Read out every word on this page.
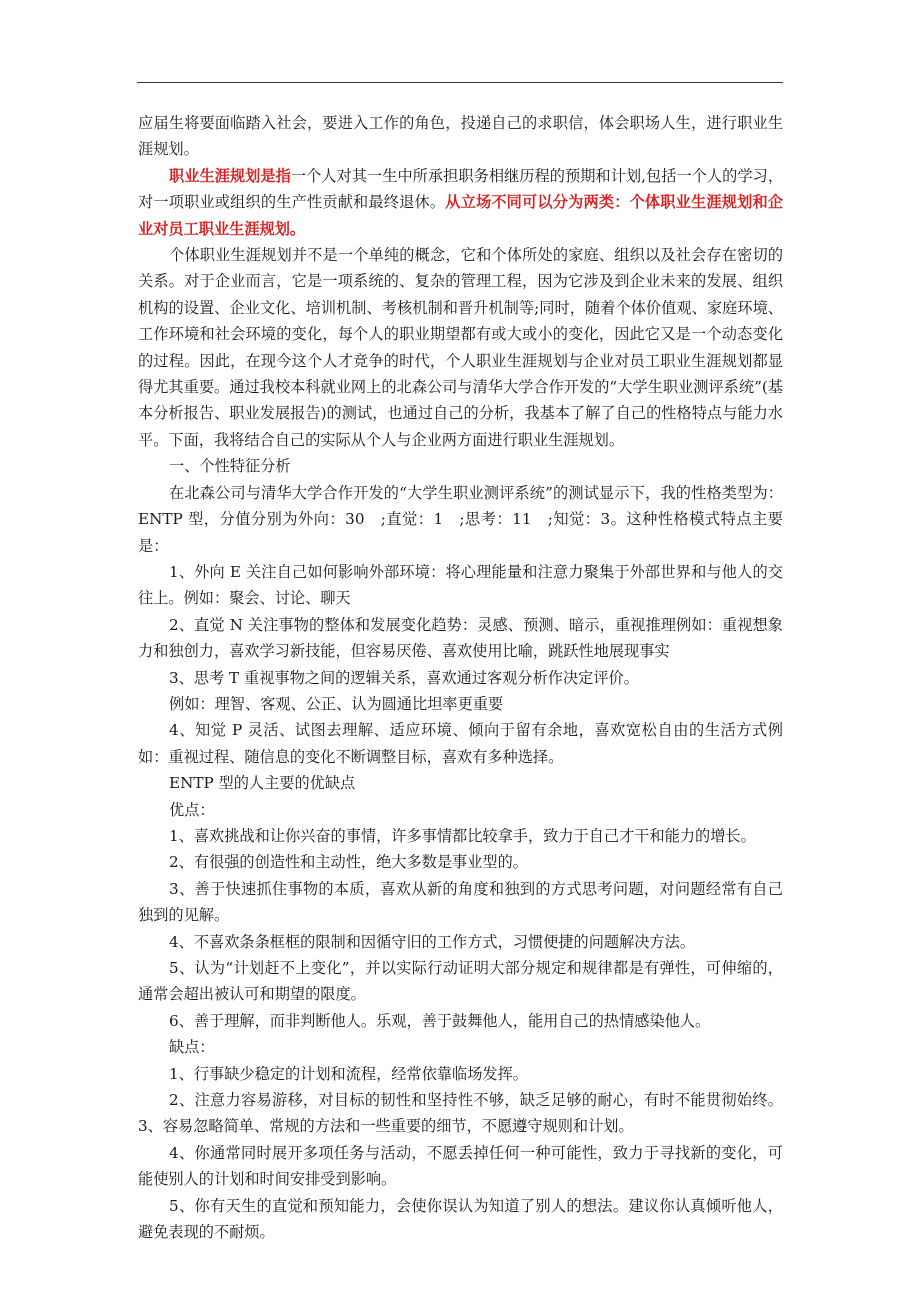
应届生将要面临踏入社会，要进入工作的角色，投递自己的求职信，体会职场人生，进行职业生涯规划。

职业生涯规划是指一个人对其一生中所承担职务相继历程的预期和计划,包括一个人的学习，对一项职业或组织的生产性贡献和最终退休。从立场不同可以分为两类：个体职业生涯规划和企业对员工职业生涯规划。

个体职业生涯规划并不是一个单纯的概念，它和个体所处的家庭、组织以及社会存在密切的关系。对于企业而言，它是一项系统的、复杂的管理工程，因为它涉及到企业未来的发展、组织机构的设置、企业文化、培训机制、考核机制和晋升机制等;同时，随着个体价值观、家庭环境、工作环境和社会环境的变化，每个人的职业期望都有或大或小的变化，因此它又是一个动态变化的过程。因此，在现今这个人才竞争的时代，个人职业生涯规划与企业对员工职业生涯规划都显得尤其重要。通过我校本科就业网上的北森公司与清华大学合作开发的“大学生职业测评系统”(基本分析报告、职业发展报告)的测试，也通过自己的分析，我基本了解了自己的性格特点与能力水平。下面，我将结合自己的实际从个人与企业两方面进行职业生涯规划。

一、个性特征分析

在北森公司与清华大学合作开发的“大学生职业测评系统”的测试显示下，我的性格类型为：ENTP 型，分值分别为外向：30　;直觉：1　;思考：11　;知觉：3。这种性格模式特点主要是：

1、外向 E 关注自己如何影响外部环境：将心理能量和注意力聚集于外部世界和与他人的交往上。例如：聚会、讨论、聊天

2、直觉 N 关注事物的整体和发展变化趋势：灵感、预测、暗示，重视推理例如：重视想象力和独创力，喜欢学习新技能，但容易厌倦、喜欢使用比喻，跳跃性地展现事实

3、思考 T 重视事物之间的逻辑关系，喜欢通过客观分析作决定评价。

例如：理智、客观、公正、认为圆通比坦率更重要

4、知觉 P 灵活、试图去理解、适应环境、倾向于留有余地，喜欢宽松自由的生活方式例如：重视过程、随信息的变化不断调整目标，喜欢有多种选择。

ENTP 型的人主要的优缺点

优点：

1、喜欢挑战和让你兴奋的事情，许多事情都比较拿手，致力于自己才干和能力的增长。

2、有很强的创造性和主动性，绝大多数是事业型的。

3、善于快速抓住事物的本质，喜欢从新的角度和独到的方式思考问题，对问题经常有自己独到的见解。

4、不喜欢条条框框的限制和因循守旧的工作方式，习惯便捷的问题解决方法。

5、认为“计划赶不上变化”，并以实际行动证明大部分规定和规律都是有弹性，可伸缩的，通常会超出被认可和期望的限度。

6、善于理解，而非判断他人。乐观，善于鼓舞他人，能用自己的热情感染他人。

缺点：

1、行事缺少稳定的计划和流程，经常依靠临场发挥。

2、注意力容易游移，对目标的韧性和坚持性不够，缺乏足够的耐心，有时不能贯彻始终。3、容易忽略简单、常规的方法和一些重要的细节，不愿遵守规则和计划。

4、你通常同时展开多项任务与活动，不愿丢掉任何一种可能性，致力于寻找新的变化，可能使别人的计划和时间安排受到影响。

5、你有天生的直觉和预知能力，会使你误认为知道了别人的想法。建议你认真倾听他人，避免表现的不耐烦。
